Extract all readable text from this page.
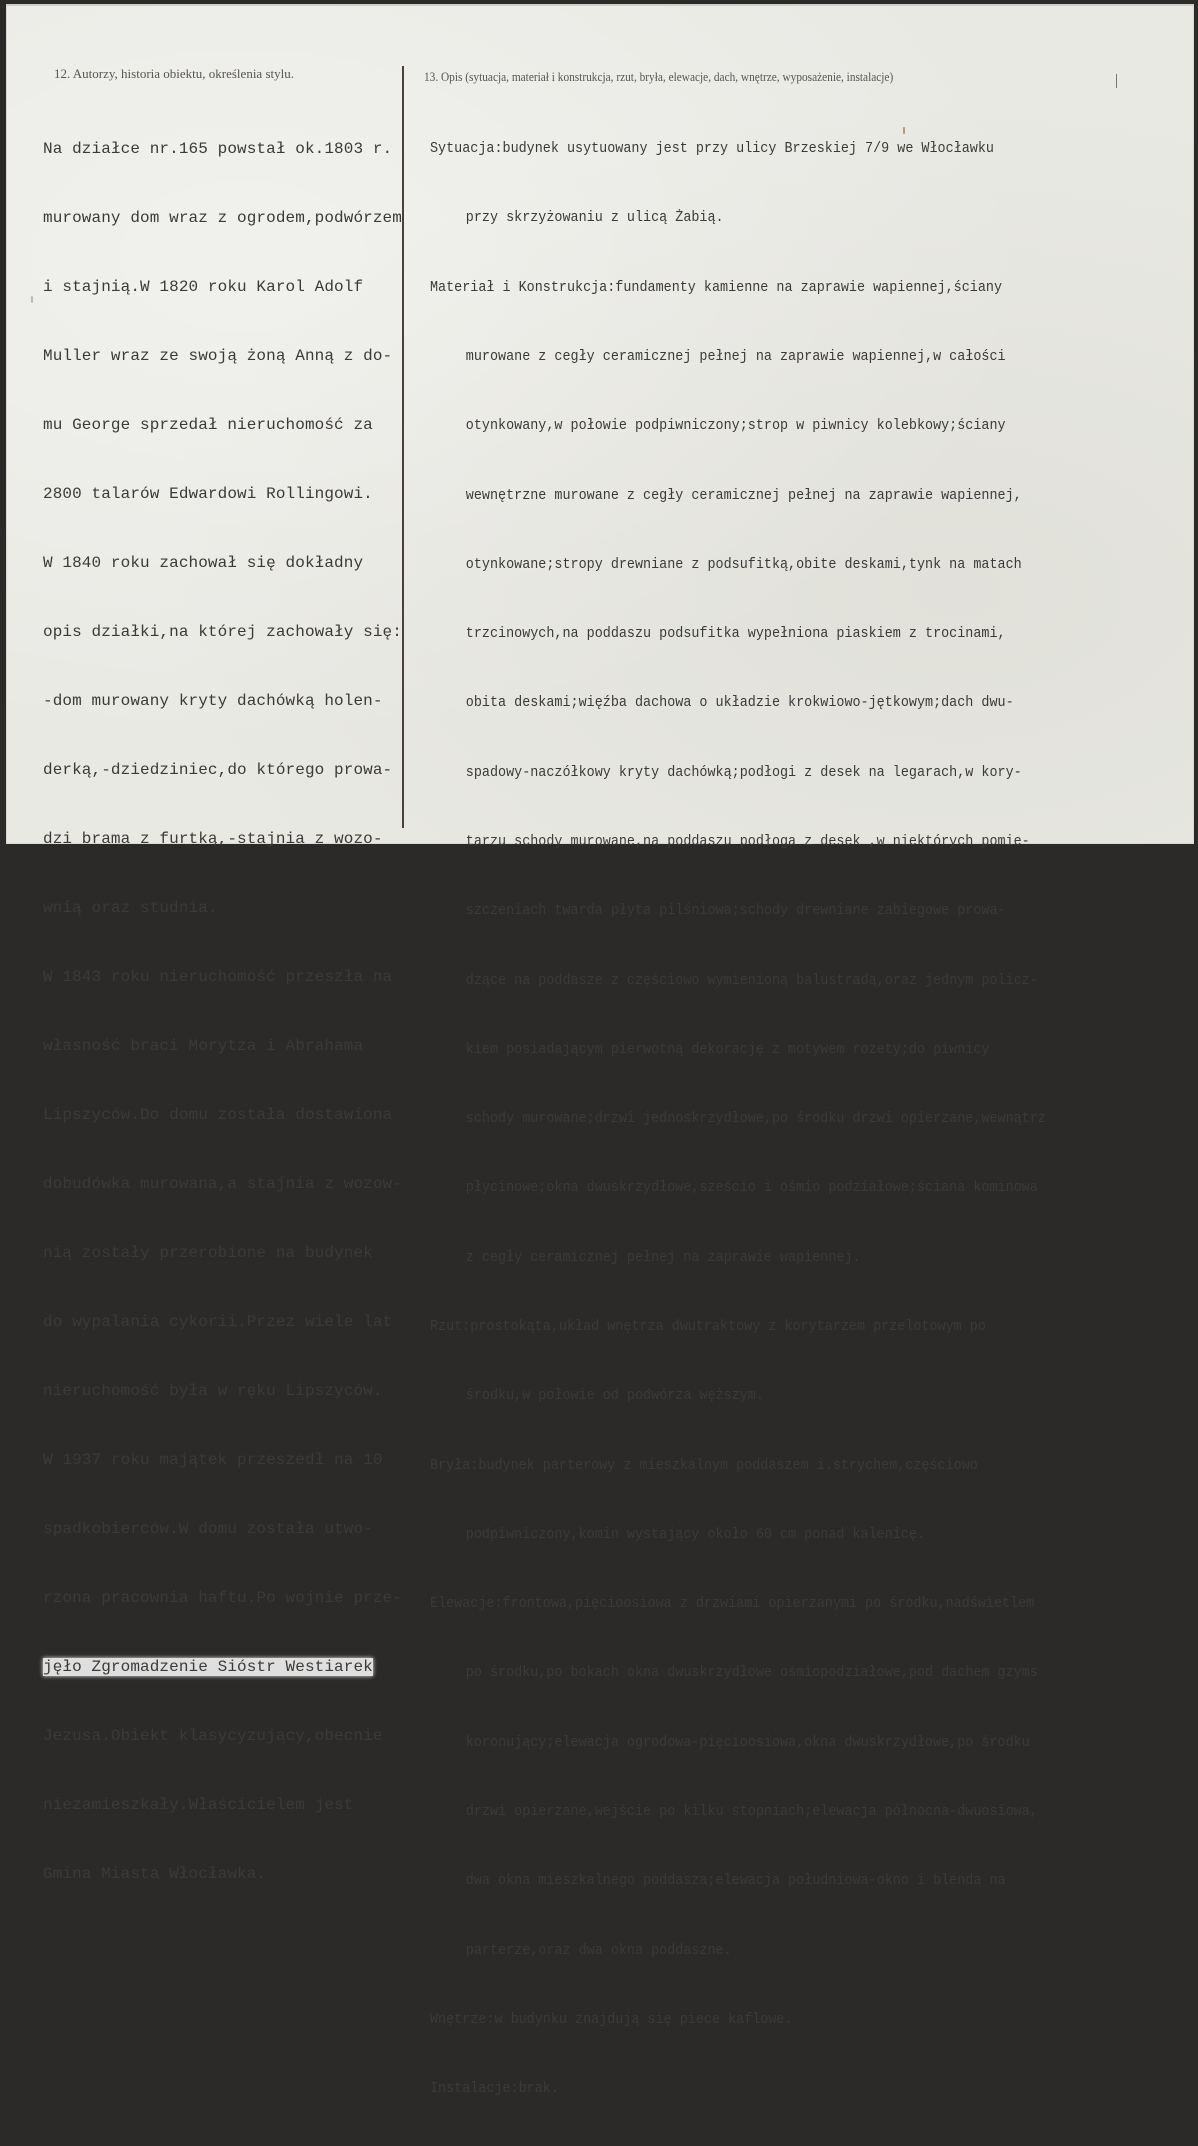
12. Autorzy, historia obiektu, określenia stylu.

Na działce nr.165 powstał ok.1803 r.

murowany dom wraz z ogrodem,podwórzem

i stajnią.W 1820 roku Karol Adolf

Muller wraz ze swoją żoną Anną z do-

mu George sprzedał nieruchomość za

2800 talarów Edwardowi Rollingowi.

W 1840 roku zachował się dokładny

opis działki,na której zachowały się:

-dom murowany kryty dachówką holen-

derką,-dziedziniec,do którego prowa-

dzi brama z furtką,-stajnia z wozo-

wnią oraz studnia.

W 1843 roku nieruchomość przeszła na

własność braci Morytza i Abrahama

Lipszyców.Do domu została dostawiona

dobudówka murowana,a stajnia z wozow-

nią zostały przerobione na budynek

do wypalania cykorii.Przez wiele lat

nieruchomość była w ręku Lipszyców.

W 1937 roku majątek przeszedł na 10

spadkobierców.W domu została utwo-

rzona pracownia haftu.Po wojnie prze-

jęło Zgromadzenie Sióstr Westiarek

Jezusa.Obiekt klasycyzujący,obecnie

niezamieszkały.Właścicielem jest

Gmina Miasta Włocławka.

13. Opis (sytuacja, materiał i konstrukcja, rzut, bryła, elewacje, dach, wnętrze, wyposażenie, instalacje)

Sytuacja:budynek usytuowany jest przy ulicy Brzeskiej 7/9 we Włocławku

przy skrzyżowaniu z ulicą Żabią.

Materiał i Konstrukcja:fundamenty kamienne na zaprawie wapiennej,ściany

murowane z cegły ceramicznej pełnej na zaprawie wapiennej,w całości

otynkowany,w połowie podpiwniczony;strop w piwnicy kolebkowy;ściany

wewnętrzne murowane z cegły ceramicznej pełnej na zaprawie wapiennej,

otynkowane;stropy drewniane z podsufitką,obite deskami,tynk na matach

trzcinowych,na poddaszu podsufitka wypełniona piaskiem z trocinami,

obita deskami;więźba dachowa o układzie krokwiowo-jętkowym;dach dwu-

spadowy-naczółkowy kryty dachówką;podłogi z desek na legarach,w kory-

tarzu schody murowane,na poddaszu podłoga z desek ,w niektórych pomie-

szczeniach twarda płyta pilśniowa;schody drewniane zabiegowe prowa-

dzące na poddasze z częściowo wymienioną balustradą,oraz jednym policz-

kiem posiadającym pierwotną dekorację z motywem rozety;do piwnicy

schody murowane;drzwi jednoskrzydłowe,po środku drzwi opierzane,wewnątrz

płycinowe;okna dwuskrzydłowe,sześcio i ośmio podziałowe;ściana kominowa

z cegły ceramicznej pełnej na zaprawie wapiennej.

Rzut:prostokąta,układ wnętrza dwutraktowy z korytarzem przelotowym po

środku,w połowie od podwórza węższym.

Bryła:budynek parterowy z mieszkalnym poddaszem i.strychem,częściowo

podpiwniczony,komin wystający około 60 cm ponad kalenicę.

Elewacje:frontowa,pięcioosiowa z drzwiami opierzanymi po środku,nadświetlem

po środku,po bokach okna dwuskrzydłowe ośmiopodziałowe,pod dachem gzyms

koronujący;elewacja ogrodowa-pięcioosiowa,okna dwuskrzydłowe,po środku

drzwi opierzane,wejście po kilku stopniach;elewacja północna-dwuosiowa,

dwa okna mieszkalnego poddasza;elewacja południowa-okno i blenda na

parterze,oraz dwa okna poddaszne.

Wnętrze:w budynku znajdują się piece kaflowe.

Instalacje:brak.
